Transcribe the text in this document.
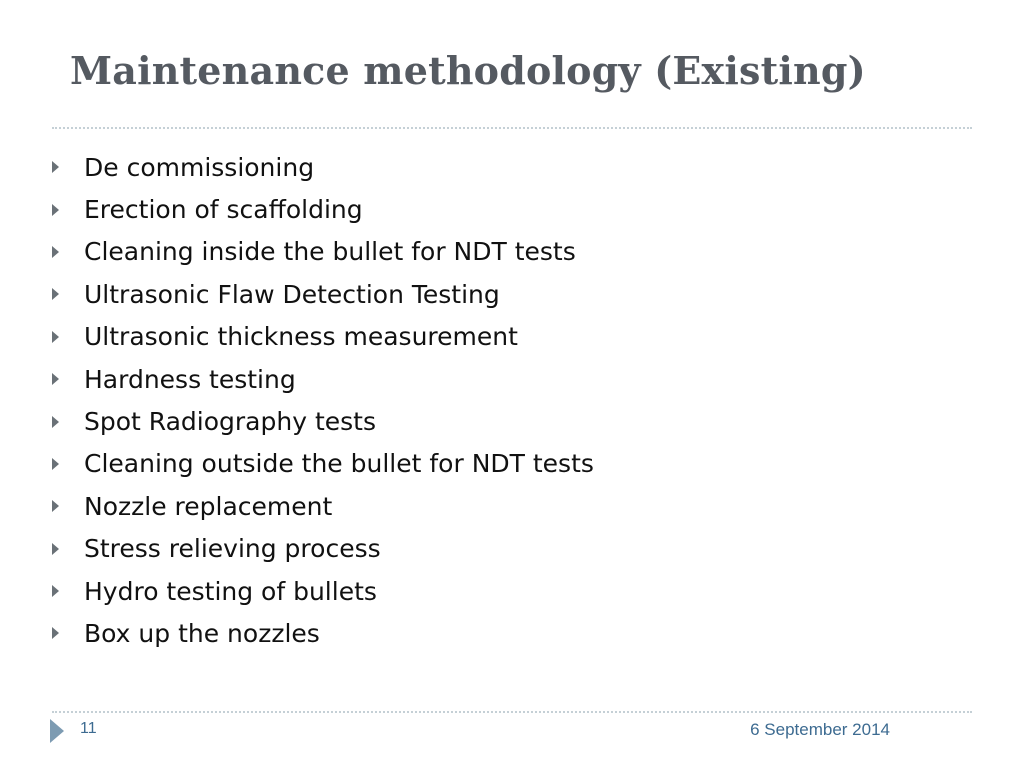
Maintenance methodology (Existing)
De commissioning
Erection of scaffolding
Cleaning inside the bullet for NDT tests
Ultrasonic Flaw Detection Testing
Ultrasonic thickness measurement
Hardness testing
Spot Radiography tests
Cleaning outside the bullet for NDT tests
Nozzle replacement
Stress relieving process
Hydro testing of bullets
Box up the nozzles
11	6 September 2014
